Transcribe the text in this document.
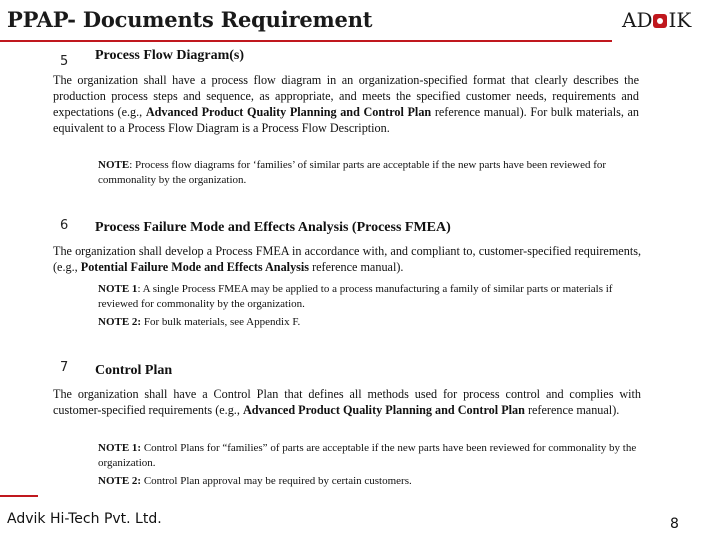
PPAP- Documents Requirement	AD IK
5 Process Flow Diagram(s)
The organization shall have a process flow diagram in an organization-specified format that clearly describes the production process steps and sequence, as appropriate, and meets the specified customer needs, requirements and expectations (e.g., Advanced Product Quality Planning and Control Plan reference manual). For bulk materials, an equivalent to a Process Flow Diagram is a Process Flow Description.
NOTE: Process flow diagrams for ‘families’ of similar parts are acceptable if the new parts have been reviewed for commonality by the organization.
6 Process Failure Mode and Effects Analysis (Process FMEA)
The organization shall develop a Process FMEA in accordance with, and compliant to, customer-specified requirements, (e.g., Potential Failure Mode and Effects Analysis reference manual).
NOTE 1: A single Process FMEA may be applied to a process manufacturing a family of similar parts or materials if reviewed for commonality by the organization.
NOTE 2: For bulk materials, see Appendix F.
7 Control Plan
The organization shall have a Control Plan that defines all methods used for process control and complies with customer-specified requirements (e.g., Advanced Product Quality Planning and Control Plan reference manual).
NOTE 1: Control Plans for “families” of parts are acceptable if the new parts have been reviewed for commonality by the organization.
NOTE 2: Control Plan approval may be required by certain customers.
Advik Hi-Tech Pvt. Ltd.	8
